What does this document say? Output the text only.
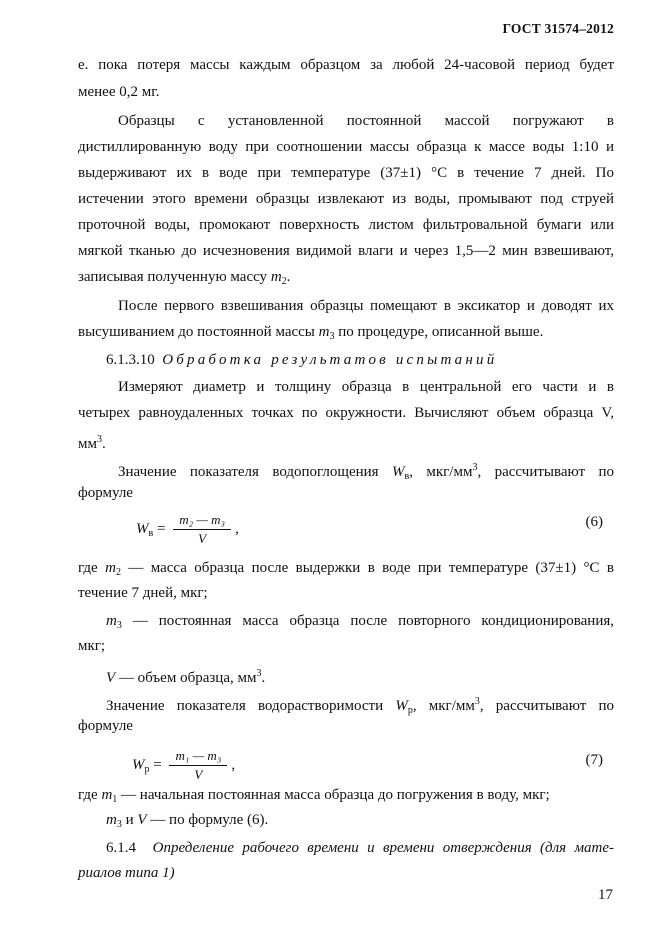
ГОСТ 31574–2012
е. пока потеря массы каждым образцом за любой 24-часовой период будет
менее 0,2 мг.
Образцы с установленной постоянной массой погружают в
дистиллированную воду при соотношении массы образца к массе воды 1:10 и
выдерживают их в воде при температуре (37±1) °С в течение 7 дней. По
истечении этого времени образцы извлекают из воды, промывают под струей
проточной воды, промокают поверхность листом фильтровальной бумаги или
мягкой тканью до исчезновения видимой влаги и через 1,5—2 мин взвешивают,
записывая полученную массу $m_2$.
После первого взвешивания образцы помещают в эксикатор и доводят их
высушиванием до постоянной массы $m_3$ по процедуре, описанной выше.
6.1.3.10 Обработка результатов испытаний
Измеряют диаметр и толщину образца в центральной его части и в
четырех равноудаленных точках по окружности. Вычисляют объем образца V,
$мм^3$.
Значение показателя водопоглощения $W_в$, мкг/$мм^3$, рассчитывают по
формуле
$W_в = \frac{\text{m₂ — m₃}}{V}$ ,	(6)
где $m_2$ — масса образца после выдержки в воде при температуре (37±1) °С в
течение 7 дней, мкг;
$m_3$ — постоянная масса образца после повторного кондиционирования,
мкг;
V — объем образца, $мм^3$.
Значение показателя водорастворимости $W_р$, мкг/$мм^3$, рассчитывают по
формуле
$W_р = \frac{\text{m₁ — m₃}}{V}$ ,	(7)
где $m_1$ — начальная постоянная масса образца до погружения в воду, мкг;
$m_3$ и V — по формуле (6).
6.1.4 Определение рабочего времени и времени отверждения (для мате-
риалов типа 1)
17
